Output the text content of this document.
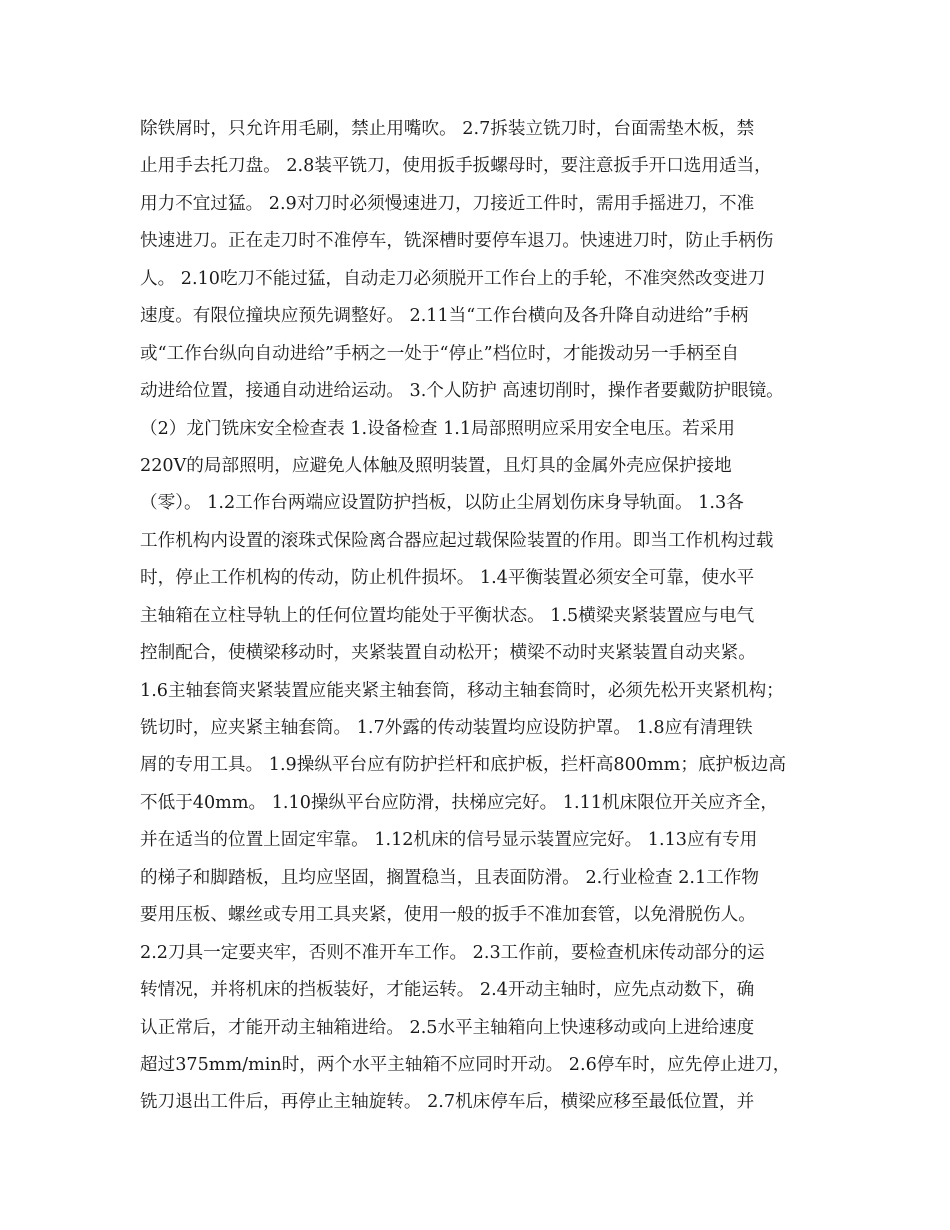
除铁屑时，只允许用毛刷，禁止用嘴吹。 2.7拆装立铣刀时，台面需垫木板，禁
止用手去托刀盘。 2.8装平铣刀，使用扳手扳螺母时，要注意扳手开口选用适当，
用力不宜过猛。 2.9对刀时必须慢速进刀，刀接近工件时，需用手摇进刀，不准
快速进刀。正在走刀时不准停车，铣深槽时要停车退刀。快速进刀时，防止手柄伤
人。 2.10吃刀不能过猛，自动走刀必须脱开工作台上的手轮，不准突然改变进刀
速度。有限位撞块应预先调整好。 2.11当“工作台横向及各升降自动进给”手柄
或“工作台纵向自动进给”手柄之一处于“停止”档位时，才能拨动另一手柄至自
动进给位置，接通自动进给运动。 3.个人防护 高速切削时，操作者要戴防护眼镜。
（2）龙门铣床安全检查表 1.设备检查 1.1局部照明应采用安全电压。若采用
220V的局部照明，应避免人体触及照明装置，且灯具的金属外壳应保护接地
（零）。 1.2工作台两端应设置防护挡板，以防止尘屑划伤床身导轨面。 1.3各
工作机构内设置的滚珠式保险离合器应起过载保险装置的作用。即当工作机构过载
时，停止工作机构的传动，防止机件损坏。 1.4平衡装置必须安全可靠，使水平
主轴箱在立柱导轨上的任何位置均能处于平衡状态。 1.5横梁夹紧装置应与电气
控制配合，使横梁移动时，夹紧装置自动松开；横梁不动时夹紧装置自动夹紧。
1.6主轴套筒夹紧装置应能夹紧主轴套筒，移动主轴套筒时，必须先松开夹紧机构；
铣切时，应夹紧主轴套筒。 1.7外露的传动装置均应设防护罩。 1.8应有清理铁
屑的专用工具。 1.9操纵平台应有防护拦杆和底护板，拦杆高800mm；底护板边高
不低于40mm。 1.10操纵平台应防滑，扶梯应完好。 1.11机床限位开关应齐全，
并在适当的位置上固定牢靠。 1.12机床的信号显示装置应完好。 1.13应有专用
的梯子和脚踏板，且均应坚固，搁置稳当，且表面防滑。 2.行业检查 2.1工作物
要用压板、螺丝或专用工具夹紧，使用一般的扳手不准加套管，以免滑脱伤人。
2.2刀具一定要夹牢，否则不准开车工作。 2.3工作前，要检查机床传动部分的运
转情况，并将机床的挡板装好，才能运转。 2.4开动主轴时，应先点动数下，确
认正常后，才能开动主轴箱进给。 2.5水平主轴箱向上快速移动或向上进给速度
超过375mm/min时，两个水平主轴箱不应同时开动。 2.6停车时，应先停止进刀，
铣刀退出工件后，再停止主轴旋转。 2.7机床停车后，横梁应移至最低位置，并
